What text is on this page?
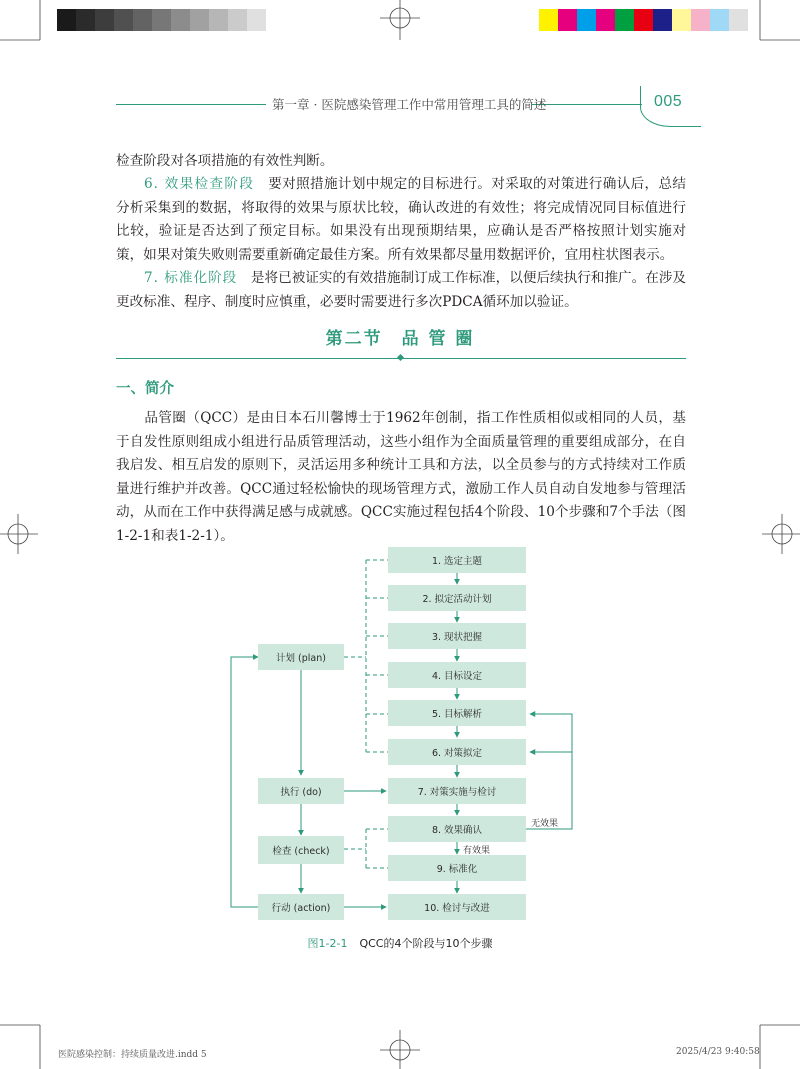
第一章 · 医院感染管理工作中常用管理工具的简述	005
检查阶段对各项措施的有效性判断。
6. 效果检查阶段　 要对照措施计划中规定的目标进行。对采取的对策进行确认后，总结分析采集到的数据，将取得的效果与原状比较，确认改进的有效性；将完成情况同目标值进行比较，验证是否达到了预定目标。如果没有出现预期结果，应确认是否严格按照计划实施对策，如果对策失败则需要重新确定最佳方案。所有效果都尽量用数据评价，宜用柱状图表示。
7. 标准化阶段　 是将已被证实的有效措施制订成工作标准，以便后续执行和推广。在涉及更改标准、程序、制度时应慎重，必要时需要进行多次PDCA循环加以验证。
第二节　品 管 圈
一、简介
品管圈（QCC）是由日本石川馨博士于1962年创制，指工作性质相似或相同的人员，基于自发性原则组成小组进行品质管理活动，这些小组作为全面质量管理的重要组成部分，在自我启发、相互启发的原则下，灵活运用多种统计工具和方法，以全员参与的方式持续对工作质量进行维护并改善。QCC通过轻松愉快的现场管理方式，激励工作人员自动自发地参与管理活动，从而在工作中获得满足感与成就感。QCC实施过程包括4个阶段、10个步骤和7个手法（图1-2-1和表1-2-1）。
计划 (plan)
执行 (do)
检查 (check)
行动 (action)
1. 选定主题
2. 拟定活动计划
3. 现状把握
4. 目标设定
5. 目标解析
6. 对策拟定
7. 对策实施与检讨
8. 效果确认
9. 标准化
10. 检讨与改进
无效果
有效果
图1-2-1 QCC的4个阶段与10个步骤
医院感染控制：持续质量改进.indd 5	2025/4/23 9:40:58
